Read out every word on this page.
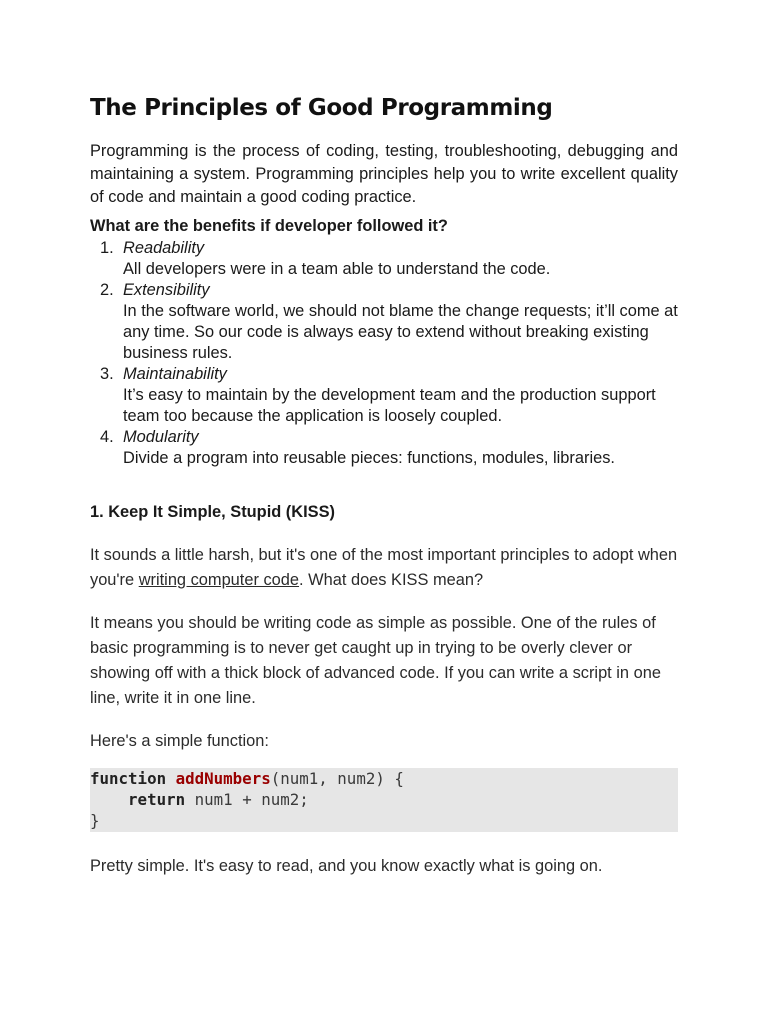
The Principles of Good Programming

Programming is the process of coding, testing, troubleshooting, debugging and maintaining a system. Programming principles help you to write excellent quality of code and maintain a good coding practice.

What are the benefits if developer followed it?

1. Readability
All developers were in a team able to understand the code.
2. Extensibility
In the software world, we should not blame the change requests; it’ll come at any time. So our code is always easy to extend without breaking existing business rules.
3. Maintainability
It’s easy to maintain by the development team and the production support team too because the application is loosely coupled.
4. Modularity
Divide a program into reusable pieces: functions, modules, libraries.
1. Keep It Simple, Stupid (KISS)

It sounds a little harsh, but it's one of the most important principles to adopt when you're writing computer code. What does KISS mean?

It means you should be writing code as simple as possible. One of the rules of basic programming is to never get caught up in trying to be overly clever or showing off with a thick block of advanced code. If you can write a script in one line, write it in one line.

Here's a simple function:

function addNumbers(num1, num2) {
return num1 + num2;
}

Pretty simple. It's easy to read, and you know exactly what is going on.
